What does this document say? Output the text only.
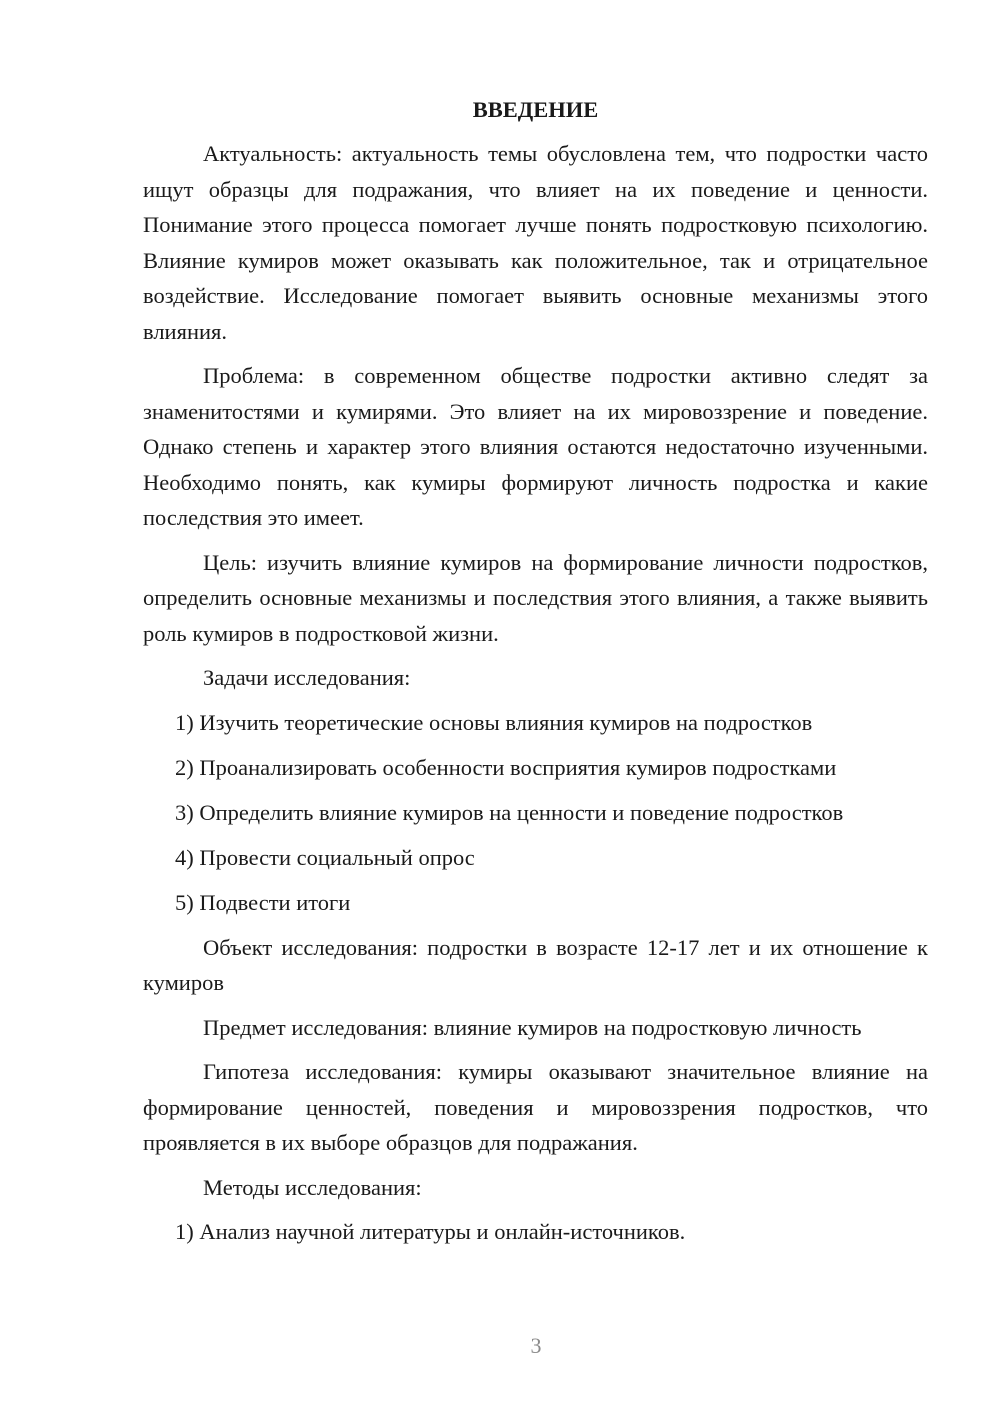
ВВЕДЕНИЕ

Актуальность: актуальность темы обусловлена тем, что подростки часто ищут образцы для подражания, что влияет на их поведение и ценности. Понимание этого процесса помогает лучше понять подростковую психологию. Влияние кумиров может оказывать как положительное, так и отрицательное воздействие. Исследование помогает выявить основные механизмы этого влияния.

Проблема: в современном обществе подростки активно следят за знаменитостями и кумирями. Это влияет на их мировоззрение и поведение. Однако степень и характер этого влияния остаются недостаточно изученными. Необходимо понять, как кумиры формируют личность подростка и какие последствия это имеет.

Цель: изучить влияние кумиров на формирование личности подростков, определить основные механизмы и последствия этого влияния, а также выявить роль кумиров в подростковой жизни.

Задачи исследования:

1) Изучить теоретические основы влияния кумиров на подростков
2) Проанализировать особенности восприятия кумиров подростками
3) Определить влияние кумиров на ценности и поведение подростков
4) Провести социальный опрос
5) Подвести итоги

Объект исследования: подростки в возрасте 12-17 лет и их отношение к кумиров

Предмет исследования: влияние кумиров на подростковую личность

Гипотеза исследования: кумиры оказывают значительное влияние на формирование ценностей, поведения и мировоззрения подростков, что проявляется в их выборе образцов для подражания.

Методы исследования:

1) Анализ научной литературы и онлайн-источников.
3
